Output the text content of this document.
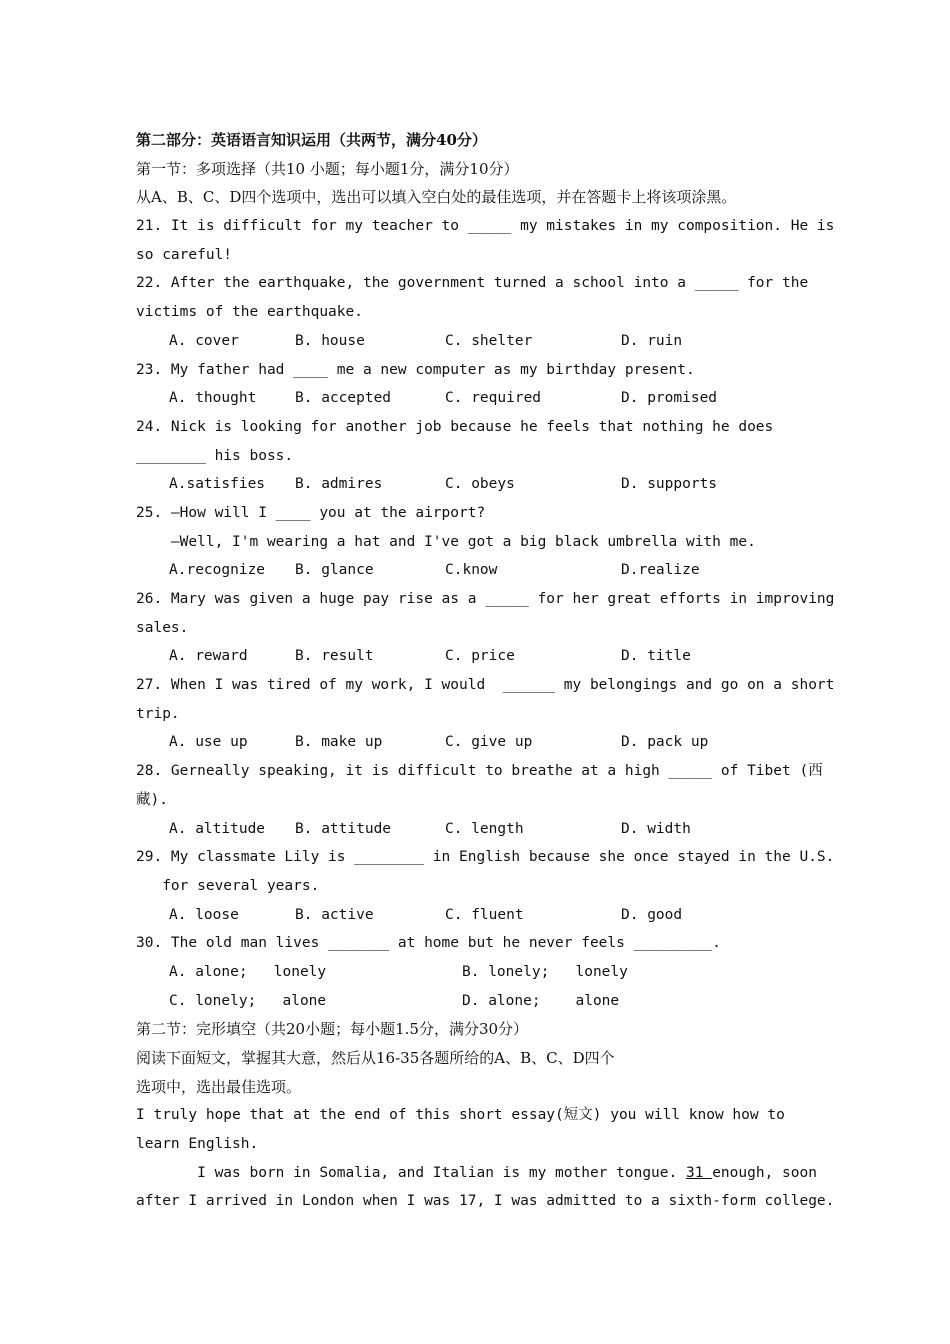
第二部分：英语语言知识运用（共两节，满分40分）
第一节：多项选择（共10 小题；每小题1分，满分10分）
从A、B、C、D四个选项中，选出可以填入空白处的最佳选项，并在答题卡上将该项涂黑。
21. It is difficult for my teacher to _____ my mistakes in my composition. He is
so careful!
22. After the earthquake, the government turned a school into a _____ for the
victims of the earthquake.
A. cover	B. house	C. shelter	D. ruin
23. My father had ____ me a new computer as my birthday present.
A. thought	B. accepted	C. required	D. promised
24. Nick is looking for another job because he feels that nothing he does
________ his boss.
A.satisfies B. admires	C. obeys	D. supports
25. —How will I ____ you at the airport?
—Well, I'm wearing a hat and I've got a big black umbrella with me.
A.recognize B. glance	C.know	D.realize
26. Mary was given a huge pay rise as a _____ for her great efforts in improving
sales.
A. reward	B. result	C. price	D. title
27. When I was tired of my work, I would  ______ my belongings and go on a short
trip.
A. use up	B. make up	C. give up	D. pack up
28. Gerneally speaking, it is difficult to breathe at a high _____ of Tibet (西
藏).
A. altitude B. attitude	C. length	D. width
29. My classmate Lily is ________ in English because she once stayed in the U.S.
for several years.
A. loose	B. active	C. fluent	D. good
30. The old man lives _______ at home but he never feels _________.
A. alone;   lonely	B. lonely;   lonely
C. lonely;   alone	D. alone;    alone
第二节：完形填空（共20小题；每小题1.5分，满分30分）
阅读下面短文，掌握其大意，然后从16-35各题所给的A、B、C、D四个
选项中，选出最佳选项。
I truly hope that at the end of this short essay(短文) you will know how to
learn English.
I was born in Somalia, and Italian is my mother tongue. 31 enough, soon
after I arrived in London when I was 17, I was admitted to a sixth-form college.
